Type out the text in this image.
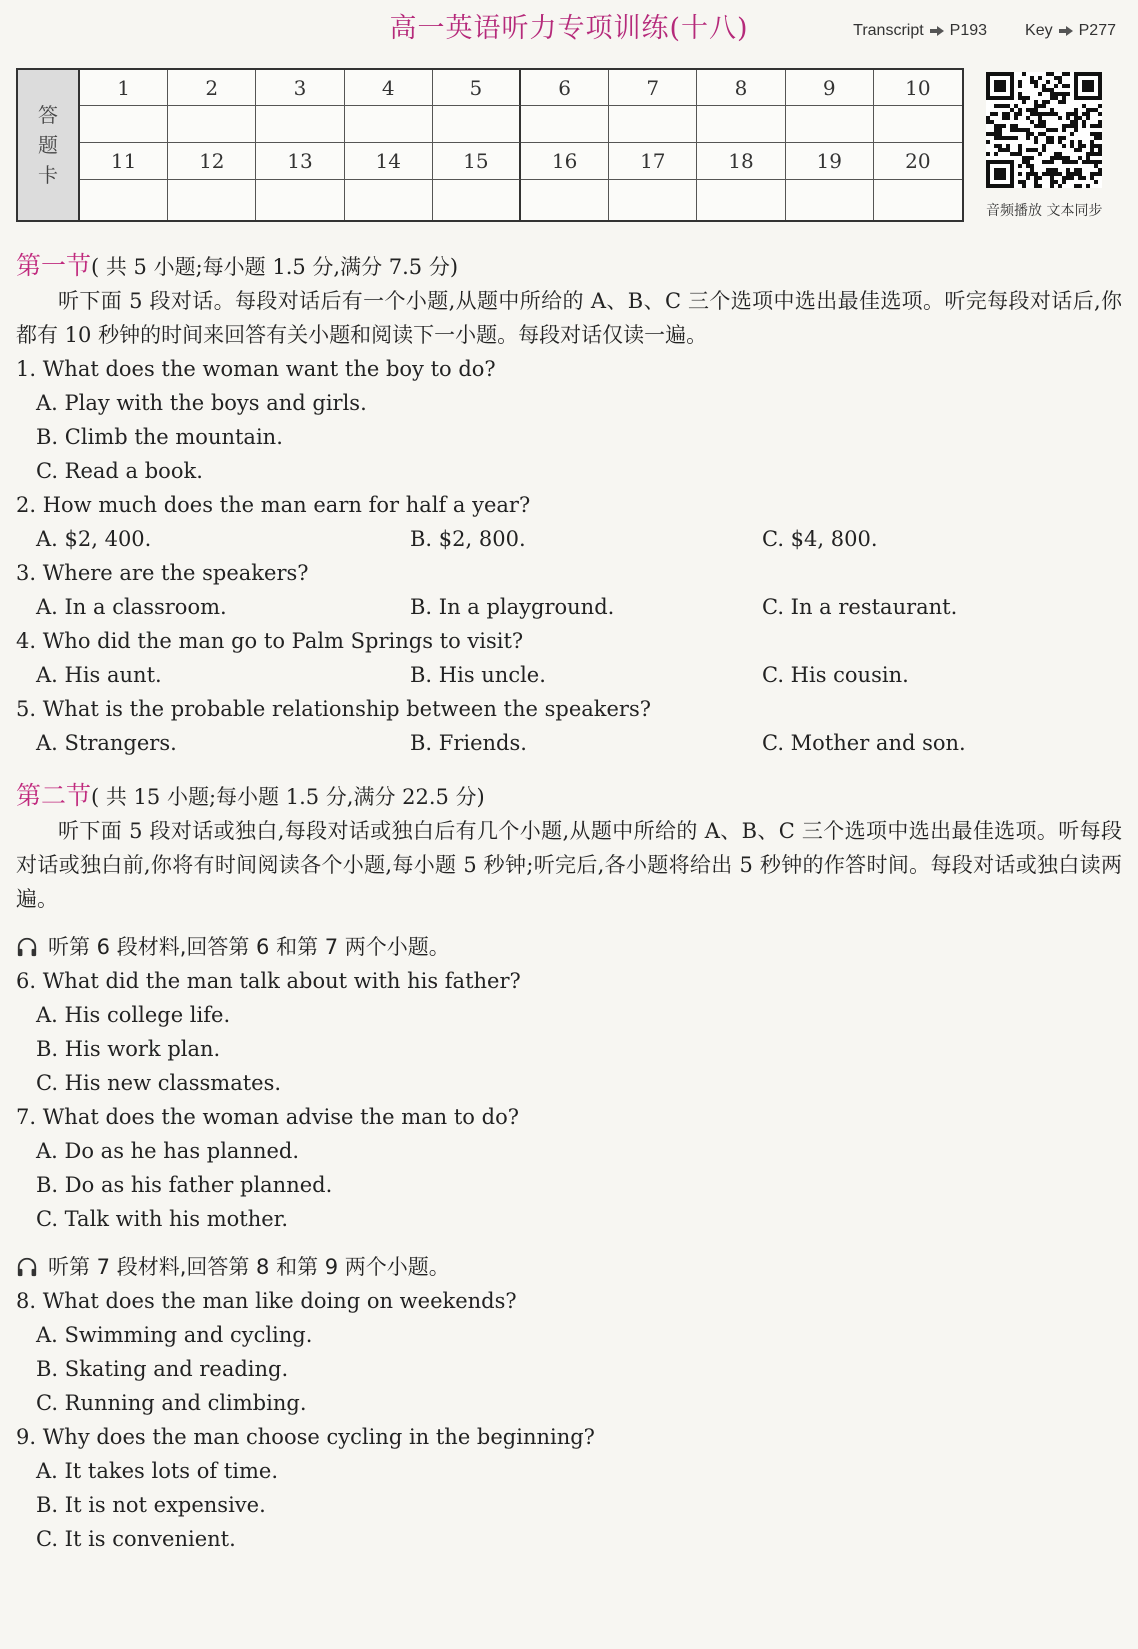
高一英语听力专项训练(十八)	Transcript P193 Key P277
答
题
卡
1	2	3	4	5	6	7	8	9	10
11	12	13	14	15	16	17	18	19	20
音频播放 文本同步
第一节( 共 5 小题;每小题 1.5 分,满分 7.5 分)

听下面 5 段对话。每段对话后有一个小题,从题中所给的 A、B、C 三个选项中选出最佳选项。听完每段对话后,你都有 10 秒钟的时间来回答有关小题和阅读下一小题。每段对话仅读一遍。

1. What does the woman want the boy to do?
A. Play with the boys and girls.
B. Climb the mountain.
C. Read a book.
2. How much does the man earn for half a year?
A. $2, 400.	B. $2, 800.	C. $4, 800.
3. Where are the speakers?
A. In a classroom.	B. In a playground.	C. In a restaurant.
4. Who did the man go to Palm Springs to visit?
A. His aunt.	B. His uncle.	C. His cousin.
5. What is the probable relationship between the speakers?
A. Strangers.	B. Friends.	C. Mother and son.
第二节( 共 15 小题;每小题 1.5 分,满分 22.5 分)

听下面 5 段对话或独白,每段对话或独白后有几个小题,从题中所给的 A、B、C 三个选项中选出最佳选项。听每段对话或独白前,你将有时间阅读各个小题,每小题 5 秒钟;听完后,各小题将给出 5 秒钟的作答时间。每段对话或独白读两遍。

听第 6 段材料,回答第 6 和第 7 两个小题。
6. What did the man talk about with his father?
A. His college life.
B. His work plan.
C. His new classmates.
7. What does the woman advise the man to do?
A. Do as he has planned.
B. Do as his father planned.
C. Talk with his mother.
听第 7 段材料,回答第 8 和第 9 两个小题。
8. What does the man like doing on weekends?
A. Swimming and cycling.
B. Skating and reading.
C. Running and climbing.
9. Why does the man choose cycling in the beginning?
A. It takes lots of time.
B. It is not expensive.
C. It is convenient.
